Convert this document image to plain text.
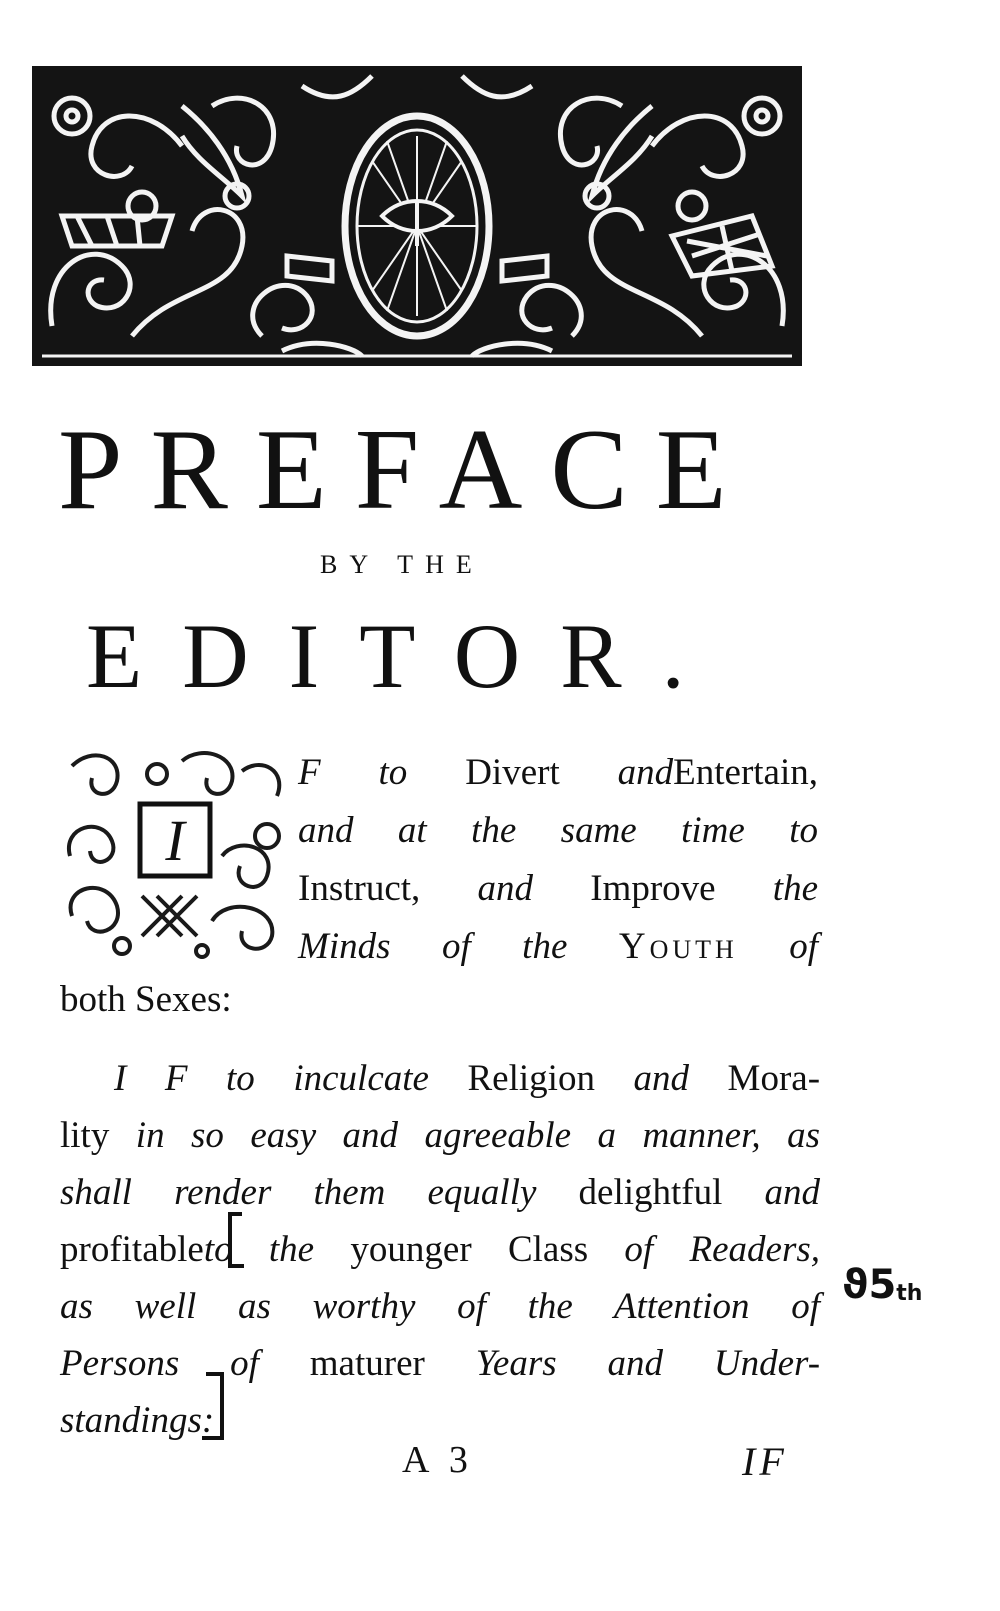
PREFACE
BY THE
EDITOR.
I
F to Divert andEntertain,
and at the same time to
Instruct, and Improve the
Minds of the Youth of
both Sexes:
I F to inculcate Religion and Mora-
lity in so easy and agreeable a manner, as
shall render them equally delightful and
profitableto the younger Class of Readers,
as well as worthy of the Attention of
Persons of maturer Years and Under-
standings:
A 3	IF
$ϑ5_{th}$
